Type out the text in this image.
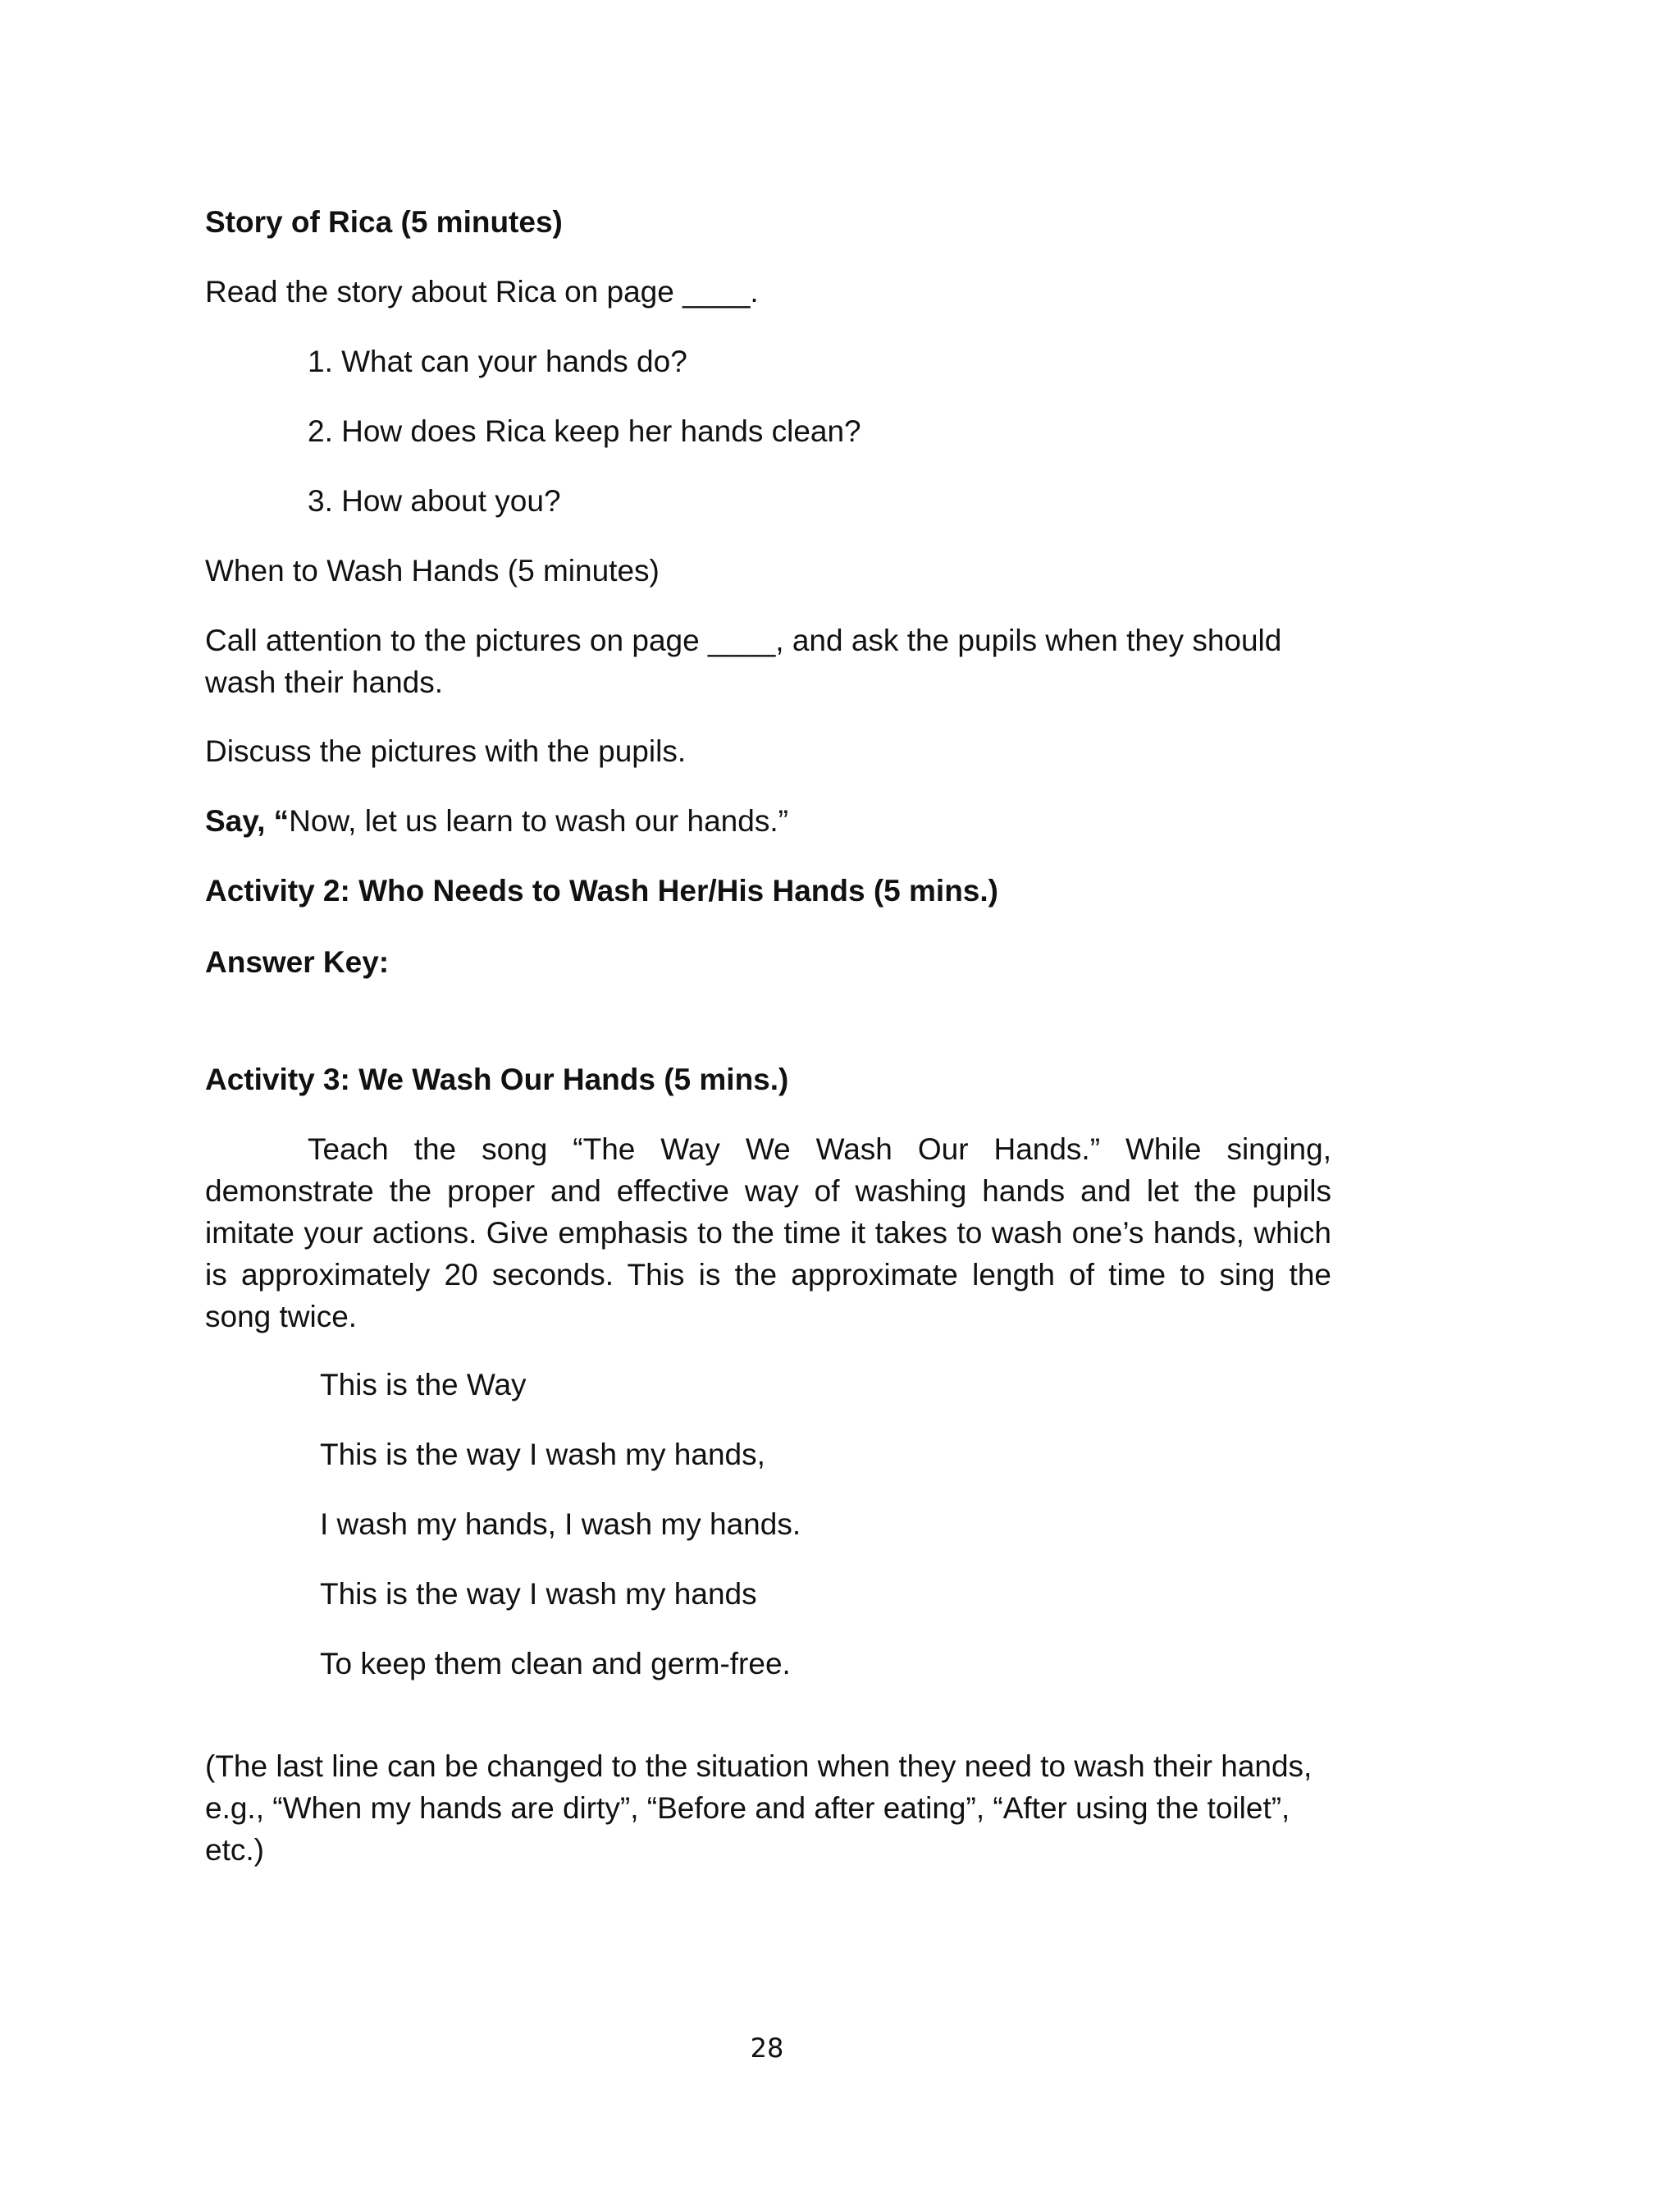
Story of Rica (5 minutes)
Read the story about Rica on page ____.
1. What can your hands do?
2. How does Rica keep her hands clean?
3. How about you?
When to Wash Hands (5 minutes)
Call attention to the pictures on page ____, and ask the pupils when they should wash their hands.
Discuss the pictures with the pupils.
Say, “Now, let us learn to wash our hands.”
Activity 2: Who Needs to Wash Her/His Hands (5 mins.)
Answer Key:
Activity 3: We Wash Our Hands (5 mins.)
Teach the song “The Way We Wash Our Hands.” While singing, demonstrate the proper and effective way of washing hands and let the pupils imitate your actions. Give emphasis to the time it takes to wash one’s hands, which is approximately 20 seconds. This is the approximate length of time to sing the song twice.
This is the Way
This is the way I wash my hands,
I wash my hands, I wash my hands.
This is the way I wash my hands
To keep them clean and germ-free.
(The last line can be changed to the situation when they need to wash their hands, e.g., “When my hands are dirty”, “Before and after eating”, “After using the toilet”, etc.)
28
